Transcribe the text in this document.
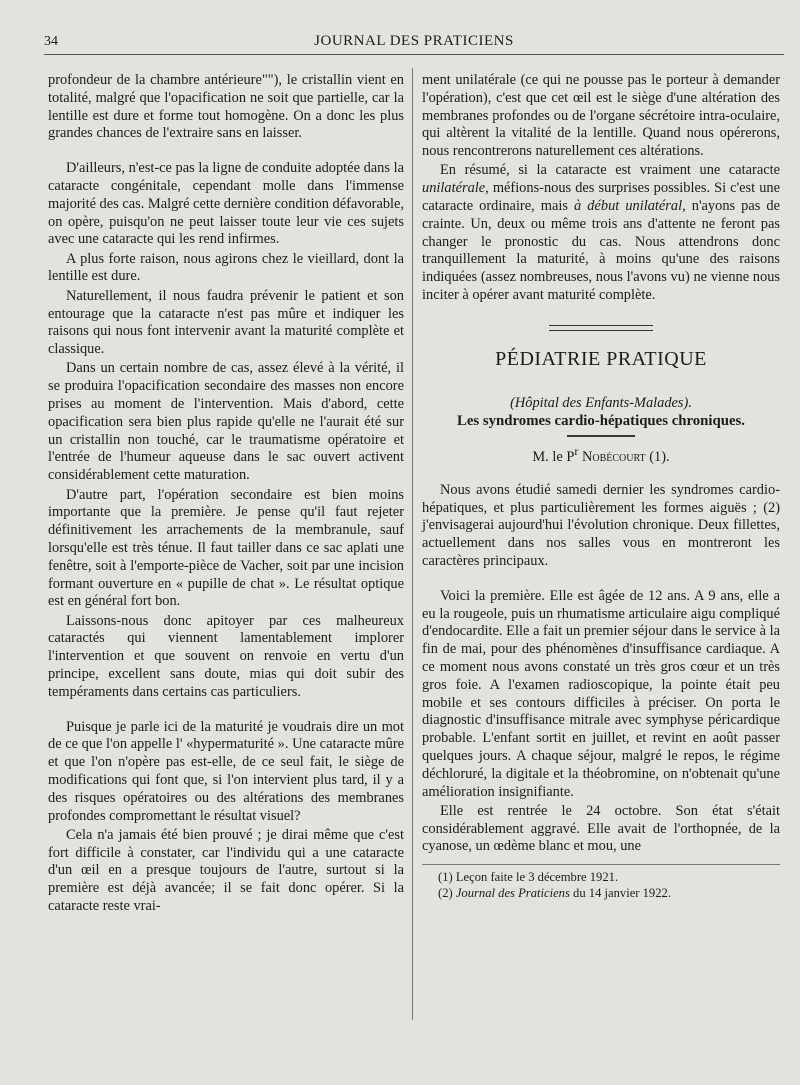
34	JOURNAL DES PRATICIENS

profondeur de la chambre antérieure""), le cristallin vient en totalité, malgré que l'opacification ne soit que partielle, car la lentille est dure et forme tout homogène. On a donc les plus grandes chances de l'extraire sans en laisser.

D'ailleurs, n'est-ce pas la ligne de conduite adoptée dans la cataracte congénitale, cependant molle dans l'immense majorité des cas. Malgré cette dernière condition défavorable, on opère, puisqu'on ne peut laisser toute leur vie ces sujets avec une cataracte qui les rend infirmes.

A plus forte raison, nous agirons chez le vieillard, dont la lentille est dure.

Naturellement, il nous faudra prévenir le patient et son entourage que la cataracte n'est pas mûre et indiquer les raisons qui nous font intervenir avant la maturité complète et classique.

Dans un certain nombre de cas, assez élevé à la vérité, il se produira l'opacification secondaire des masses non encore prises au moment de l'intervention. Mais d'abord, cette opacification sera bien plus rapide qu'elle ne l'aurait été sur un cristallin non touché, car le traumatisme opératoire et l'entrée de l'humeur aqueuse dans le sac ouvert activent considérablement cette maturation.

D'autre part, l'opération secondaire est bien moins importante que la première. Je pense qu'il faut rejeter définitivement les arrachements de la membranule, sauf lorsqu'elle est très ténue. Il faut tailler dans ce sac aplati une fenêtre, soit à l'emporte-pièce de Vacher, soit par une incision formant ouverture en « pupille de chat ». Le résultat optique est en général fort bon.

Laissons-nous donc apitoyer par ces malheureux cataractés qui viennent lamentablement implorer l'intervention et que souvent on renvoie en vertu d'un principe, excellent sans doute, mias qui doit subir des tempéraments dans certains cas particuliers.

Puisque je parle ici de la maturité je voudrais dire un mot de ce que l'on appelle l' «hypermaturité ». Une cataracte mûre et que l'on n'opère pas est-elle, de ce seul fait, le siège de modifications qui font que, si l'on intervient plus tard, il y a des risques opératoires ou des altérations des membranes profondes compromettant le résultat visuel?

Cela n'a jamais été bien prouvé ; je dirai même que c'est fort difficile à constater, car l'individu qui a une cataracte d'un œil en a presque toujours de l'autre, surtout si la première est déjà avancée; il se fait donc opérer. Si la cataracte reste vrai-

ment unilatérale (ce qui ne pousse pas le porteur à demander l'opération), c'est que cet œil est le siège d'une altération des membranes profondes ou de l'organe sécrétoire intra-oculaire, qui altèrent la vitalité de la lentille. Quand nous opérerons, nous rencontrerons naturellement ces altérations.

En résumé, si la cataracte est vraiment une cataracte unilatérale, méfions-nous des surprises possibles. Si c'est une cataracte ordinaire, mais à début unilatéral, n'ayons pas de crainte. Un, deux ou même trois ans d'attente ne feront pas changer le pronostic du cas. Nous attendrons donc tranquillement la maturité, à moins qu'une des raisons indiquées (assez nombreuses, nous l'avons vu) ne vienne nous inciter à opérer avant maturité complète.

PÉDIATRIE PRATIQUE
(Hôpital des Enfants-Malades).
Les syndromes cardio-hépatiques chroniques.
M. le $P^r$ Nobécourt (1).

Nous avons étudié samedi dernier les syndromes cardio-hépatiques, et plus particulièrement les formes aiguës ; (2) j'envisagerai aujourd'hui l'évolution chronique. Deux fillettes, actuellement dans nos salles vous en montreront les caractères principaux.

Voici la première. Elle est âgée de 12 ans. A 9 ans, elle a eu la rougeole, puis un rhumatisme articulaire aigu compliqué d'endocardite. Elle a fait un premier séjour dans le service à la fin de mai, pour des phénomènes d'insuffisance cardiaque. A ce moment nous avons constaté un très gros cœur et un très gros foie. A l'examen radioscopique, la pointe était peu mobile et ses contours difficiles à préciser. On porta le diagnostic d'insuffisance mitrale avec symphyse péricardique probable. L'enfant sortit en juillet, et revint en août passer quelques jours. A chaque séjour, malgré le repos, le régime déchloruré, la digitale et la théobromine, on n'obtenait qu'une amélioration insignifiante.

Elle est rentrée le 24 octobre. Son état s'était considérablement aggravé. Elle avait de l'orthopnée, de la cyanose, un œdème blanc et mou, une

(1) Leçon faite le 3 décembre 1921.
(2) Journal des Praticiens du 14 janvier 1922.
